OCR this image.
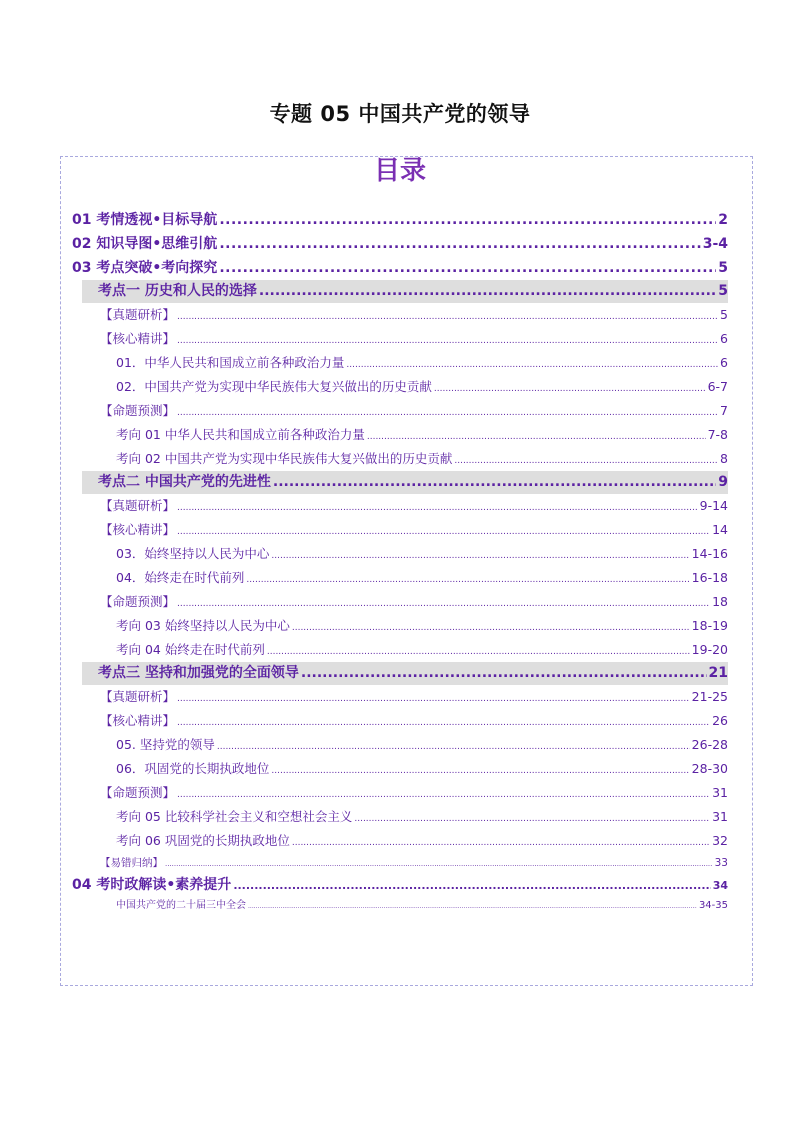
专题 05 中国共产党的领导
目录
01 考情透视•目标导航 .....	2
02 知识导图•思维引航 .....	3-4
03 考点突破•考向探究 .....	5
考点一 历史和人民的选择 .....	5
【真题研析】 .....	5
【核心精讲】 .....	6
01．中华人民共和国成立前各种政治力量 .....	6
02．中国共产党为实现中华民族伟大复兴做出的历史贡献 .....	6-7
【命题预测】 .....	7
考向 01 中华人民共和国成立前各种政治力量 .....	7-8
考向 02 中国共产党为实现中华民族伟大复兴做出的历史贡献 .....	8
考点二 中国共产党的先进性 .....	9
【真题研析】 .....	9-14
【核心精讲】 .....	14
03．始终坚持以人民为中心 .....	14-16
04．始终走在时代前列 .....	16-18
【命题预测】 .....	18
考向 03 始终坚持以人民为中心 .....	18-19
考向 04 始终走在时代前列 .....	19-20
考点三 坚持和加强党的全面领导 .....	21
【真题研析】 .....	21-25
【核心精讲】 .....	26
05. 坚持党的领导 .....	26-28
06．巩固党的长期执政地位 .....	28-30
【命题预测】 .....	31
考向 05 比较科学社会主义和空想社会主义 .....	31
考向 06 巩固党的长期执政地位 .....	32
【易错归纳】 .....	33
04 考时政解读•素养提升 .....	34
中国共产党的二十届三中全会 .....	34-35
